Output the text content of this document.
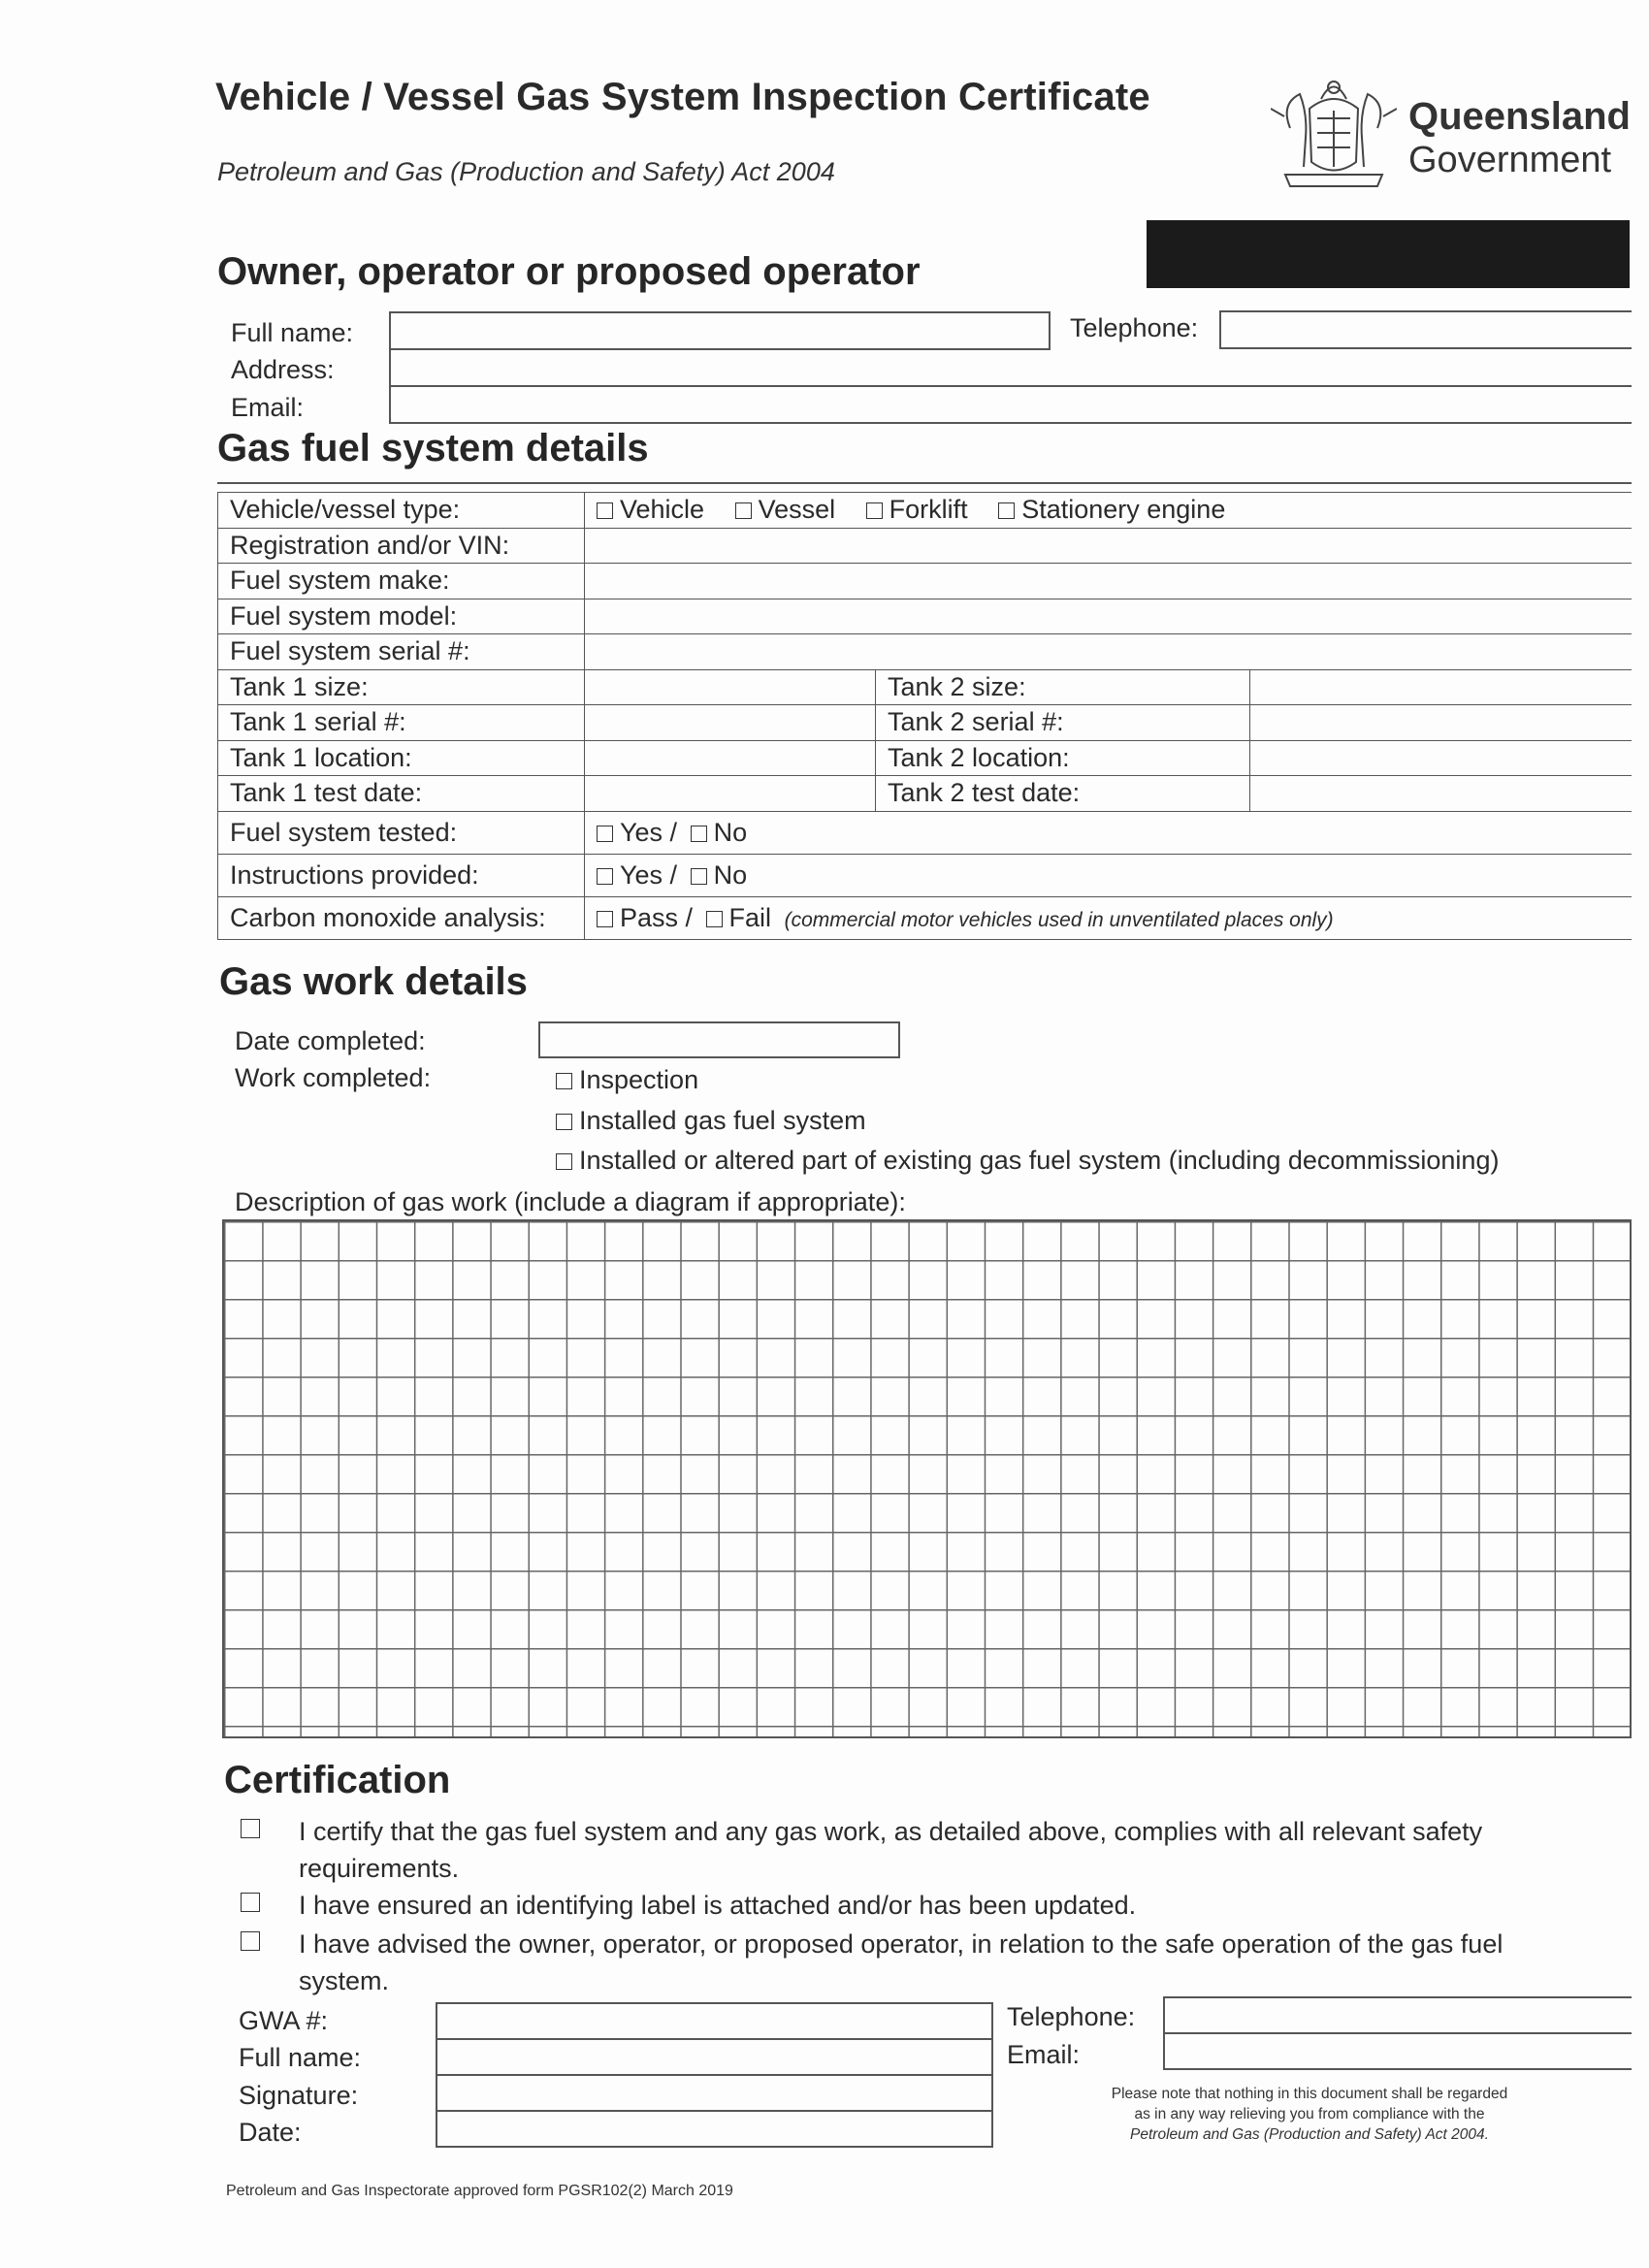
Vehicle / Vessel Gas System Inspection Certificate
Petroleum and Gas (Production and Safety) Act 2004
Queensland
Government
Owner, operator or proposed operator
Full name:	Telephone:
Address:
Email:
Gas fuel system details
Vehicle/vessel type:	Vehicle Vessel Forklift Stationery engine		
Registration and/or VIN:			
Fuel system make:			
Fuel system model:			
Fuel system serial #:			
Tank 1 size:		Tank 2 size:	
Tank 1 serial #:		Tank 2 serial #:	
Tank 1 location:		Tank 2 location:	
Tank 1 test date:		Tank 2 test date:	
Fuel system tested:	Yes / No		
Instructions provided:	Yes / No		
Carbon monoxide analysis:	Pass / Fail (commercial motor vehicles used in unventilated places only)		
Gas work details
Date completed:
Work completed:	Inspection
Installed gas fuel system
Installed or altered part of existing gas fuel system (including decommissioning)
Description of gas work (include a diagram if appropriate):
Certification
I certify that the gas fuel system and any gas work, as detailed above, complies with all relevant safety requirements.
I have ensured an identifying label is attached and/or has been updated.
I have advised the owner, operator, or proposed operator, in relation to the safe operation of the gas fuel system.
GWA #:
Full name:
Signature:
Date:
Telephone:
Email:
Please note that nothing in this document shall be regarded
as in any way relieving you from compliance with the
Petroleum and Gas (Production and Safety) Act 2004.
Petroleum and Gas Inspectorate approved form PGSR102(2) March 2019
